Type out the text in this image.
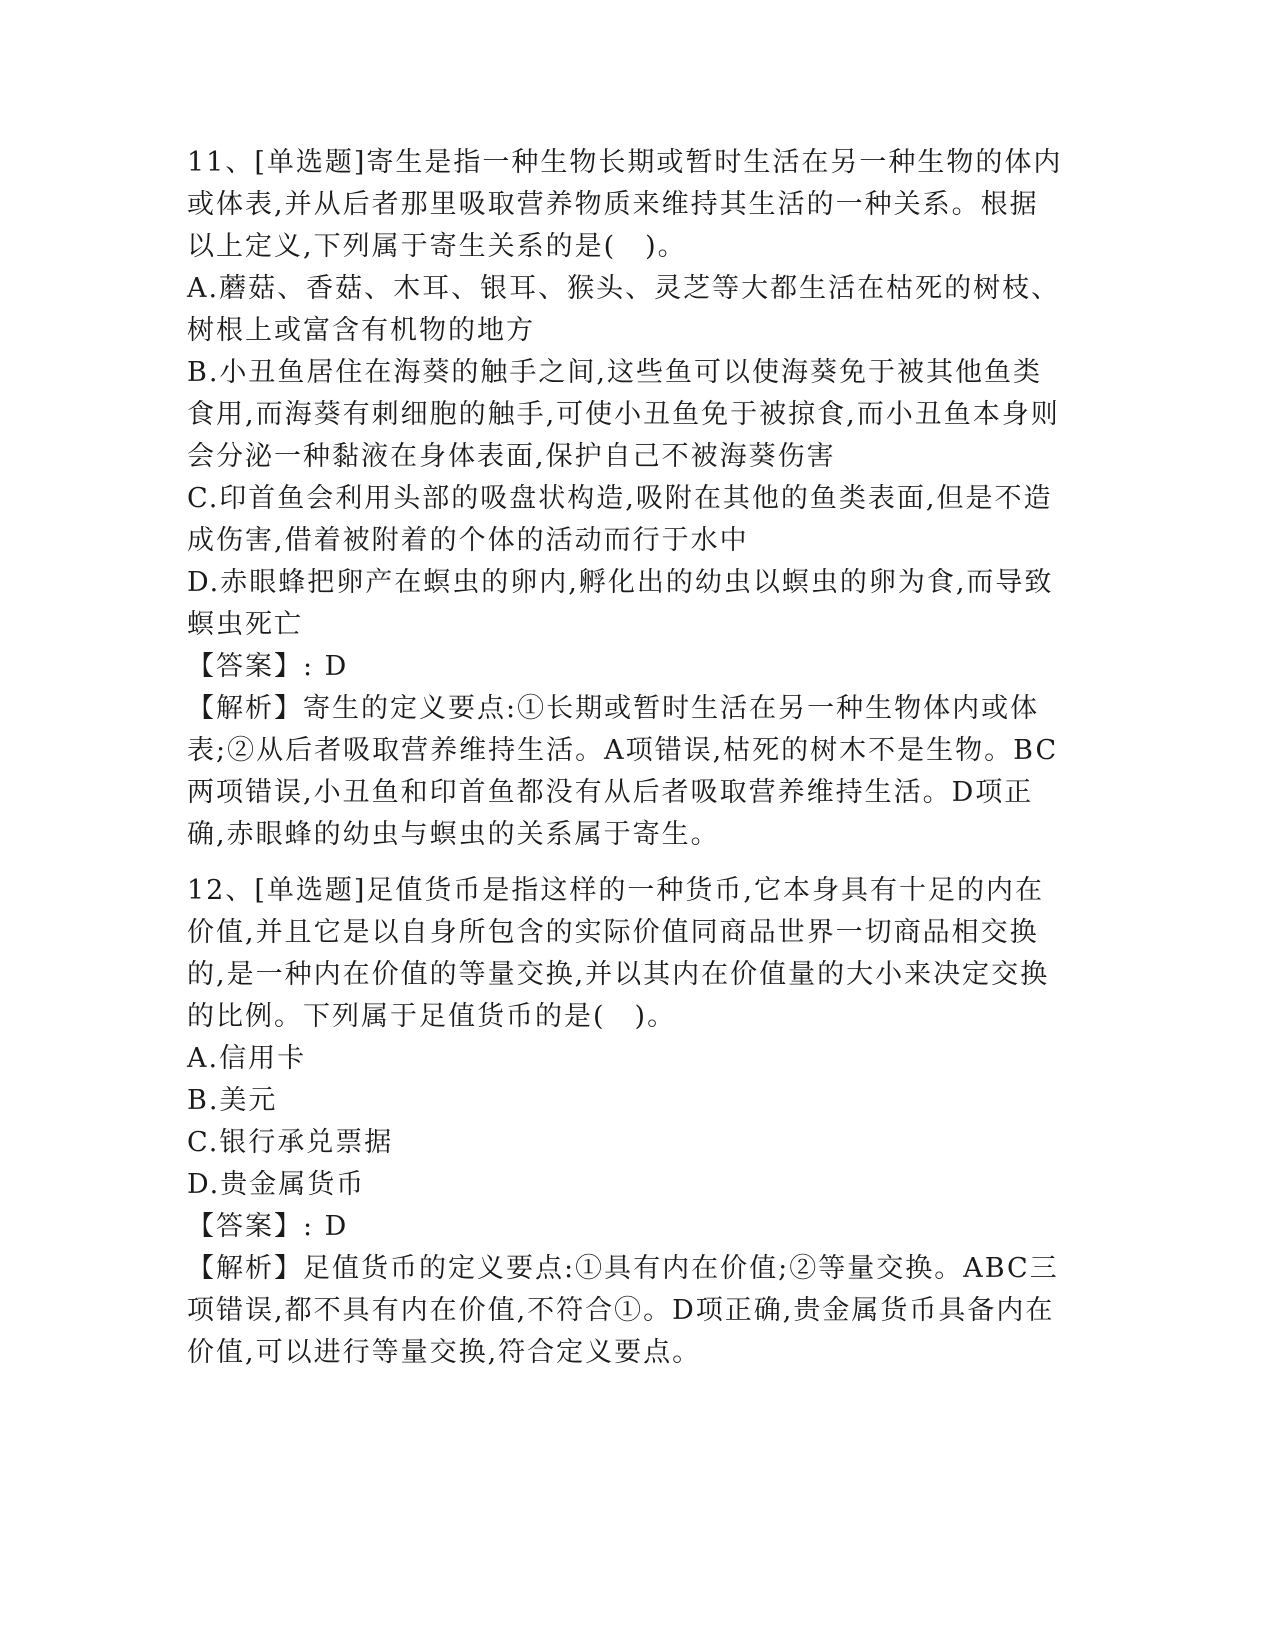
11、[单选题]寄生是指一种生物长期或暂时生活在另一种生物的体内或体表,并从后者那里吸取营养物质来维持其生活的一种关系。根据以上定义,下列属于寄生关系的是(　)。

A.蘑菇、香菇、木耳、银耳、猴头、灵芝等大都生活在枯死的树枝、树根上或富含有机物的地方

B.小丑鱼居住在海葵的触手之间,这些鱼可以使海葵免于被其他鱼类食用,而海葵有刺细胞的触手,可使小丑鱼免于被掠食,而小丑鱼本身则会分泌一种黏液在身体表面,保护自己不被海葵伤害

C.印首鱼会利用头部的吸盘状构造,吸附在其他的鱼类表面,但是不造成伤害,借着被附着的个体的活动而行于水中

D.赤眼蜂把卵产在螟虫的卵内,孵化出的幼虫以螟虫的卵为食,而导致螟虫死亡

【答案】: D

【解析】寄生的定义要点:①长期或暂时生活在另一种生物体内或体表;②从后者吸取营养维持生活。A项错误,枯死的树木不是生物。BC两项错误,小丑鱼和印首鱼都没有从后者吸取营养维持生活。D项正确,赤眼蜂的幼虫与螟虫的关系属于寄生。

12、[单选题]足值货币是指这样的一种货币,它本身具有十足的内在价值,并且它是以自身所包含的实际价值同商品世界一切商品相交换的,是一种内在价值的等量交换,并以其内在价值量的大小来决定交换的比例。下列属于足值货币的是(　)。

A.信用卡

B.美元

C.银行承兑票据

D.贵金属货币

【答案】: D

【解析】足值货币的定义要点:①具有内在价值;②等量交换。ABC三项错误,都不具有内在价值,不符合①。D项正确,贵金属货币具备内在价值,可以进行等量交换,符合定义要点。
